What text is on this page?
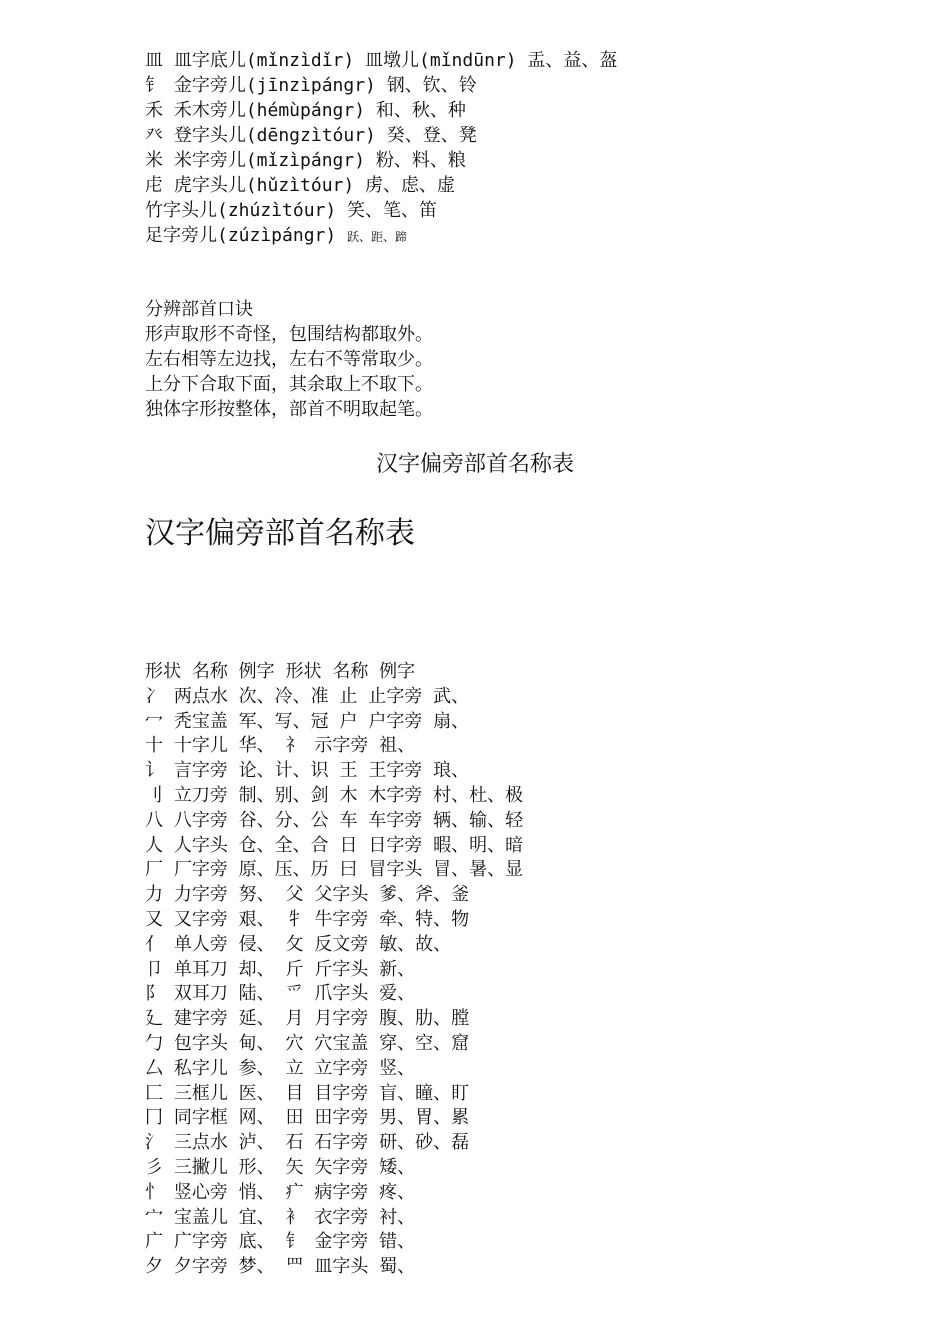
皿 皿字底儿(mǐnzìdǐr) 皿墩儿(mǐndūnr) 盂、益、盔
钅 金字旁儿(jīnzìpángr) 钢、钦、铃
禾 禾木旁儿(hémùpángr) 和、秋、种
癶 登字头儿(dēngzìtóur) 癸、登、凳
米 米字旁儿(mǐzìpángr) 粉、料、粮
虍 虎字头儿(hǔzìtóur) 虏、虑、虚
竹字头儿(zhúzìtóur) 笑、笔、笛
足字旁儿(zúzìpángr) 跃、距、蹄
分辨部首口诀
形声取形不奇怪，包围结构都取外。
左右相等左边找，左右不等常取少。
上分下合取下面，其余取上不取下。
独体字形按整体，部首不明取起笔。
汉字偏旁部首名称表
汉字偏旁部首名称表
形状 名称 例字 形状 名称 例字
冫 两点水 次、冷、准 止 止字旁 武、
冖 秃宝盖 军、写、冠 户 户字旁 扇、
十 十字儿 华、 礻 示字旁 祖、
讠 言字旁 论、计、识 王 王字旁 琅、
刂 立刀旁 制、别、剑 木 木字旁 村、杜、极
八 八字旁 谷、分、公 车 车字旁 辆、输、轻
人 人字头 仓、全、合 日 日字旁 暇、明、暗
厂 厂字旁 原、压、历 曰 冒字头 冒、暑、显
力 力字旁 努、 父 父字头 爹、斧、釜
又 又字旁 艰、 牜 牛字旁 牵、特、物
亻 单人旁 侵、 攵 反文旁 敏、故、
卩 单耳刀 却、 斤 斤字头 新、
阝 双耳刀 陆、 爫 爪字头 爱、
廴 建字旁 延、 月 月字旁 腹、肋、膛
勹 包字头 甸、 穴 穴宝盖 穿、空、窟
厶 私字儿 参、 立 立字旁 竖、
匚 三框儿 医、 目 目字旁 盲、瞳、盯
冂 同字框 网、 田 田字旁 男、胃、累
氵 三点水 泸、 石 石字旁 研、砂、磊
彡 三撇儿 形、 矢 矢字旁 矮、
忄 竖心旁 悄、 疒 病字旁 疼、
宀 宝盖儿 宜、 衤 衣字旁 衬、
广 广字旁 底、 钅 金字旁 错、
夕 夕字旁 梦、 罒 皿字头 蜀、
